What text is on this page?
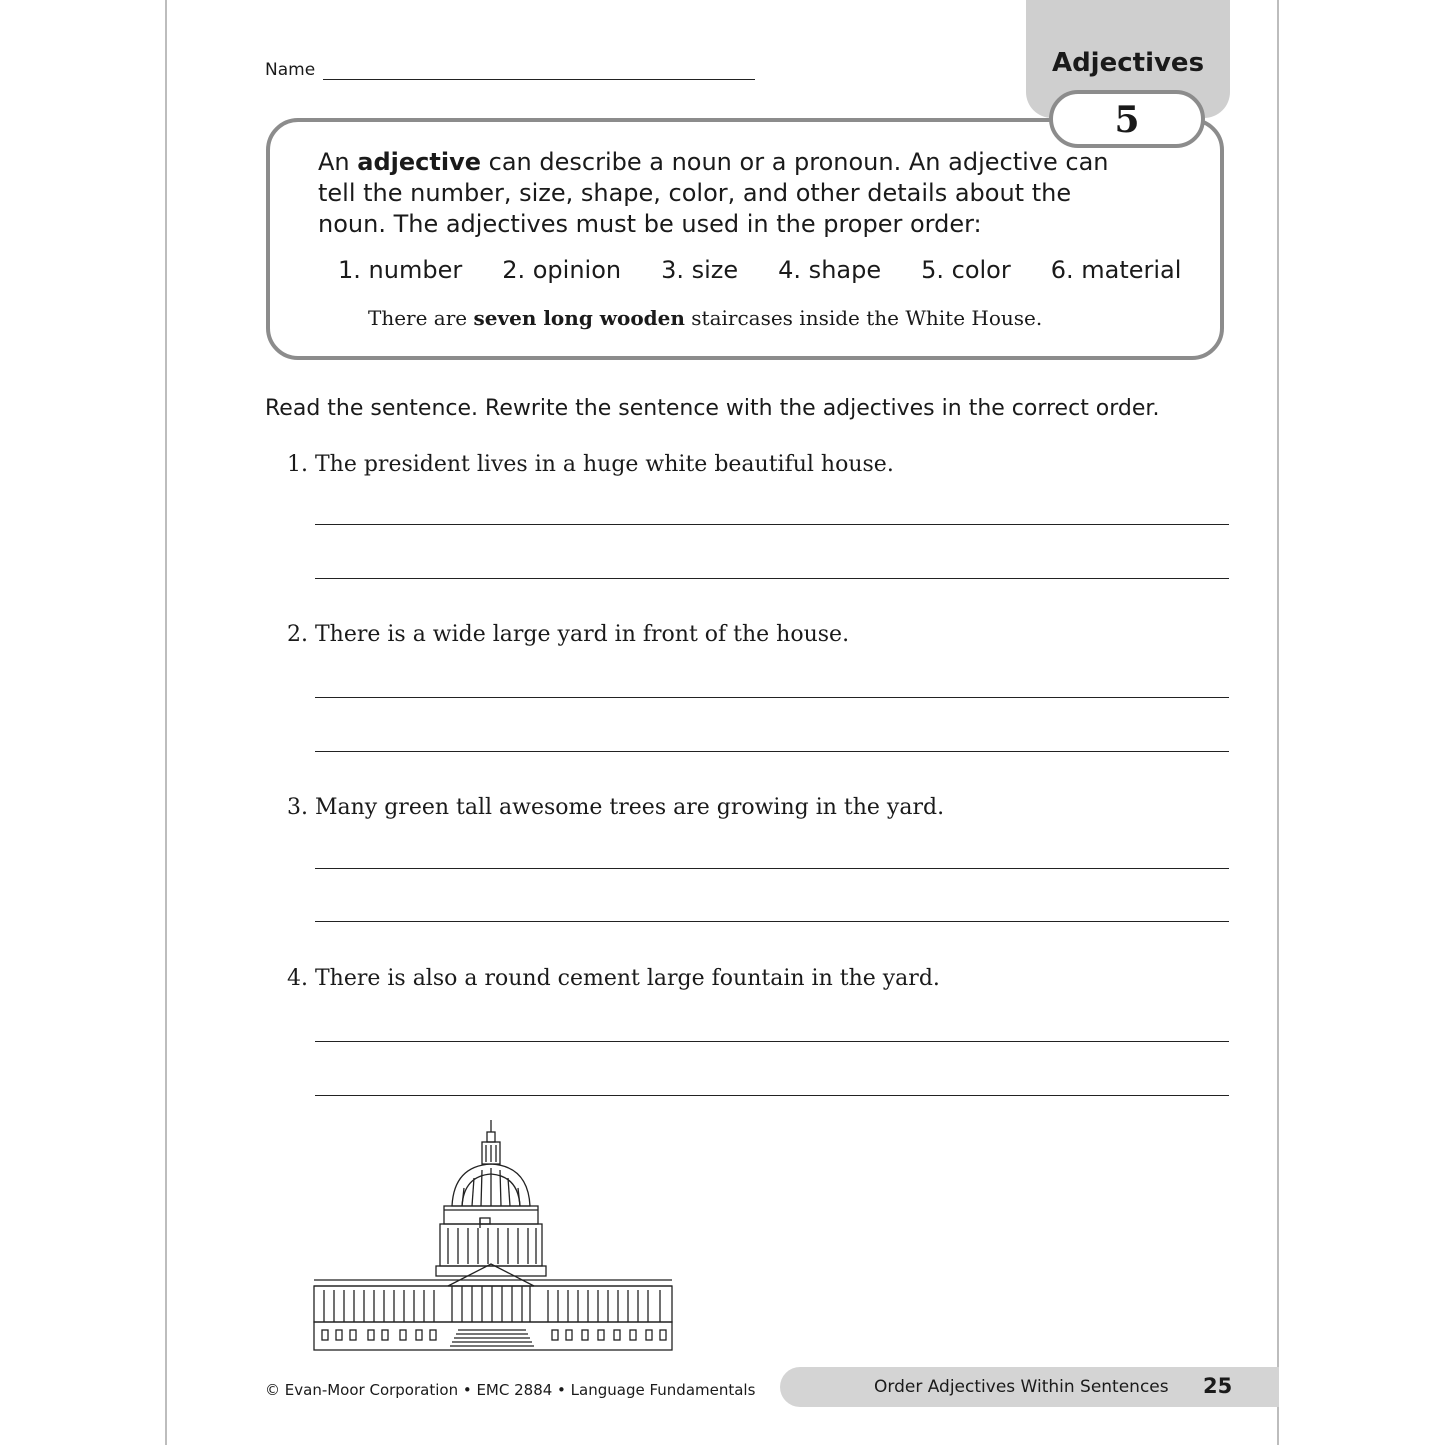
Name	Adjectives
5

An adjective can describe a noun or a pronoun. An adjective can tell the number, size, shape, color, and other details about the noun. The adjectives must be used in the proper order:

1. number 2. opinion 3. size 4. shape 5. color 6. material

There are seven long wooden staircases inside the White House.

Read the sentence. Rewrite the sentence with the adjectives in the correct order.

1. The president lives in a huge white beautiful house.

2. There is a wide large yard in front of the house.

3. Many green tall awesome trees are growing in the yard.

4. There is also a round cement large fountain in the yard.

© Evan-Moor Corporation • EMC 2884 • Language Fundamentals	Order Adjectives Within Sentences 25
